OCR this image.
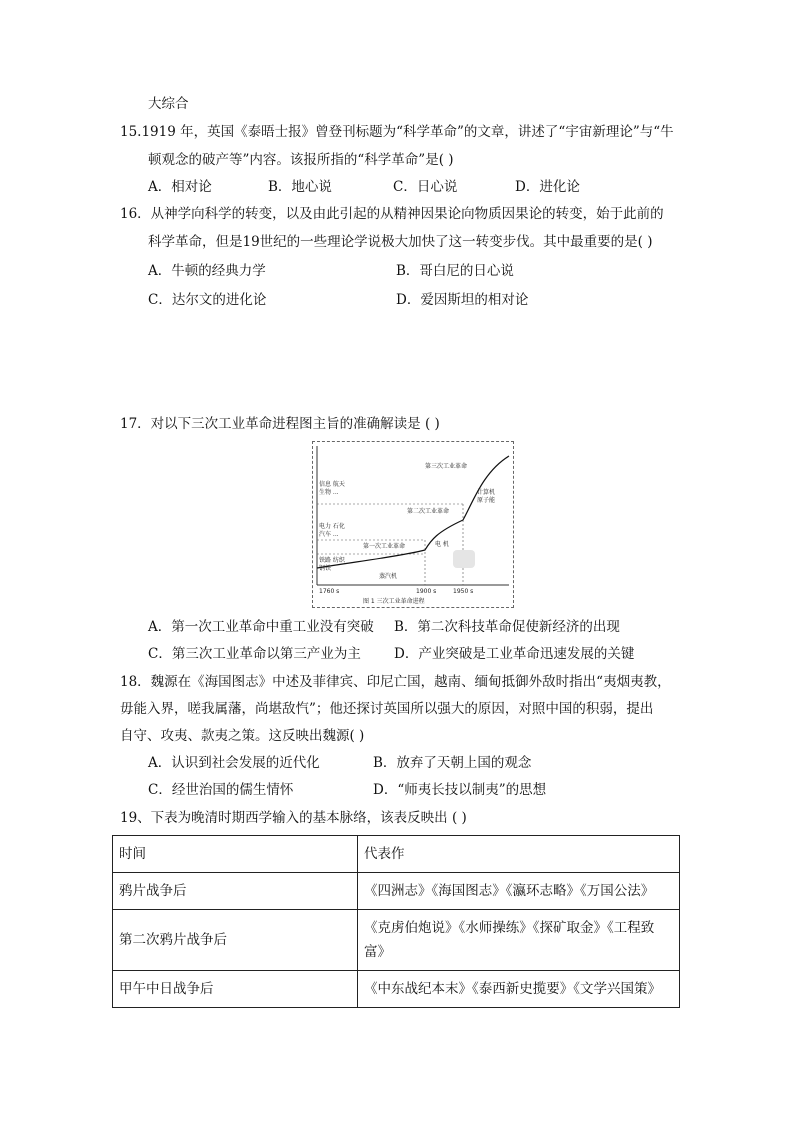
大综合
15.1919 年，英国《泰晤士报》曾登刊标题为“科学革命”的文章，讲述了“宇宙新理论”与“牛
顿观念的破产等”内容。该报所指的“科学革命”是( )
A．相对论	B．地心说	C．日心说	D．进化论
16．从神学向科学的转变，以及由此引起的从精神因果论向物质因果论的转变，始于此前的
科学革命，但是19世纪的一些理论学说极大加快了这一转变步伐。其中最重要的是( )
A．牛顿的经典力学	B．哥白尼的日心说
C．达尔文的进化论	D．爱因斯坦的相对论
17．对以下三次工业革命进程图主旨的准确解读是 ( )
第三次工业革命
第二次工业革命
第一次工业革命
信息 航天
生物 ...
电力 石化
汽车 ...
铁路 纺织
钢铁
电 机
蒸汽机
计算机
原子能
1760 s	1900 s	1950 s
图 1 三次工业革命进程
A．第一次工业革命中重工业没有突破 B．第二次科技革命促使新经济的出现
C．第三次工业革命以第三产业为主 D．产业突破是工业革命迅速发展的关键
18．魏源在《海国图志》中述及菲律宾、印尼亡国，越南、缅甸抵御外敌时指出“夷烟夷教，
毋能入界，嗟我属藩，尚堪敌忾”；他还探讨英国所以强大的原因，对照中国的积弱，提出
自守、攻夷、款夷之策。这反映出魏源( )
A．认识到社会发展的近代化	B．放弃了天朝上国的观念
C．经世治国的儒生情怀	D．“师夷长技以制夷”的思想
19、下表为晚清时期西学输入的基本脉络，该表反映出 ( )
时间	代表作
鸦片战争后	《四洲志》《海国图志》《瀛环志略》《万国公法》
第二次鸦片战争后	《克虏伯炮说》《水师操练》《探矿取金》《工程致富》
甲午中日战争后	《中东战纪本末》《泰西新史揽要》《文学兴国策》
